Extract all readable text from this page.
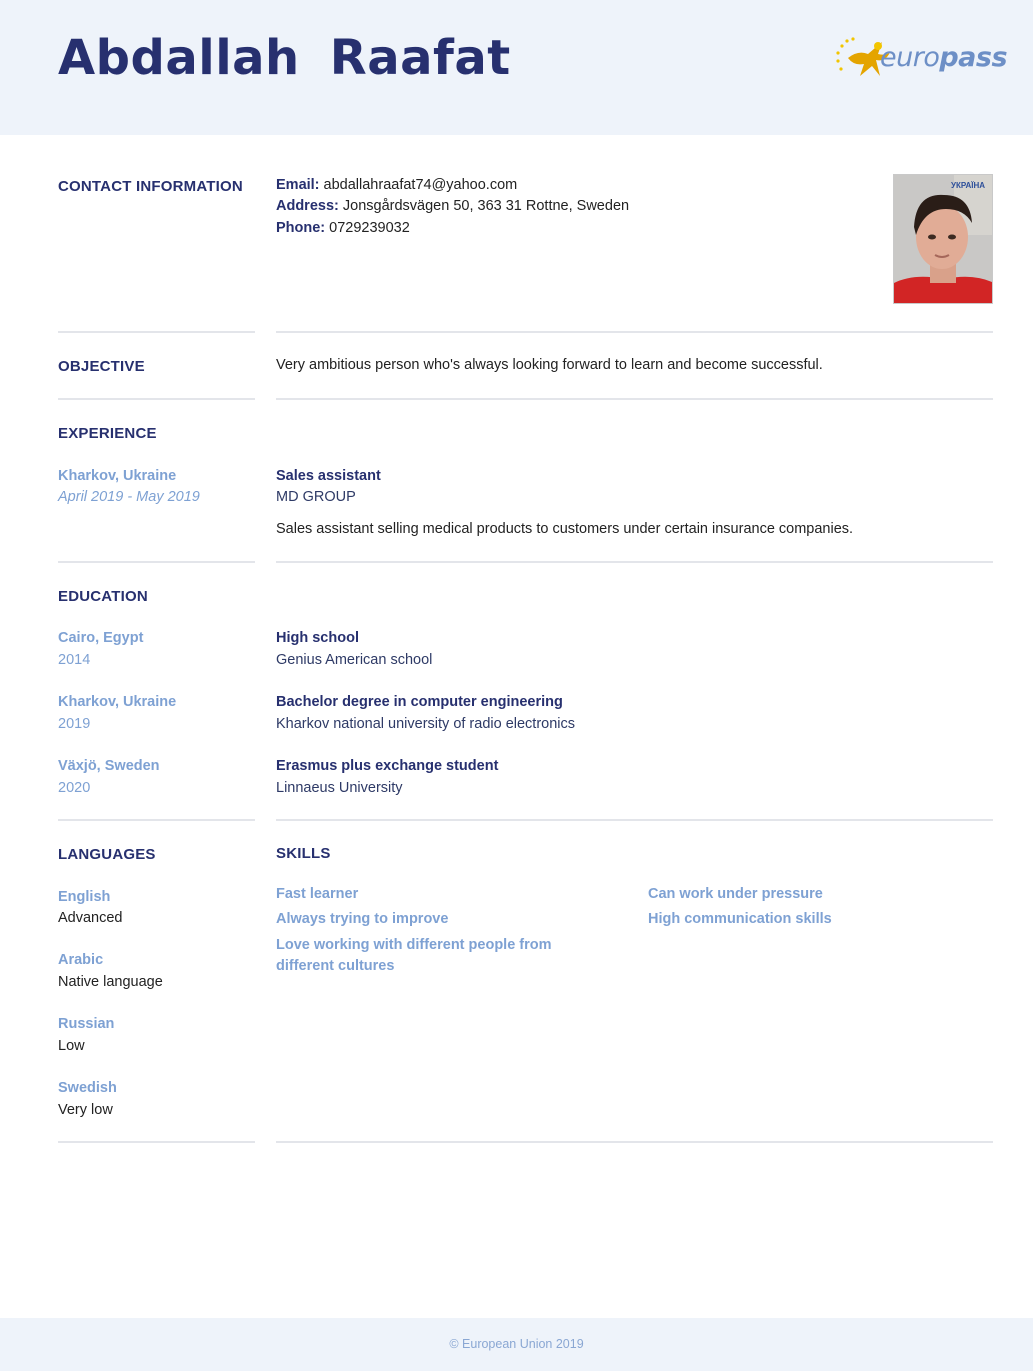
Abdallah Raafat	europass
CONTACT INFORMATION Email: abdallahraafat74@yahoo.com
Address: Jonsgårdsvägen 50, 363 31 Rottne, Sweden
Phone: 0729239032
УКРАЇНА
OBJECTIVE	Very ambitious person who's always looking forward to learn and become successful.
EXPERIENCE
Kharkov, Ukraine
April 2019 - May 2019
Sales assistant
MD GROUP
Sales assistant selling medical products to customers under certain insurance companies.
EDUCATION
Cairo, Egypt
2014
High school
Genius American school
Kharkov, Ukraine
2019
Bachelor degree in computer engineering
Kharkov national university of radio electronics
Växjö, Sweden
2020
Erasmus plus exchange student
Linnaeus University
LANGUAGES
English
Advanced
Arabic
Native language
Russian
Low
Swedish
Very low
SKILLS
Fast learner
Always trying to improve
Love working with different people from different cultures
Can work under pressure
High communication skills
© European Union 2019
